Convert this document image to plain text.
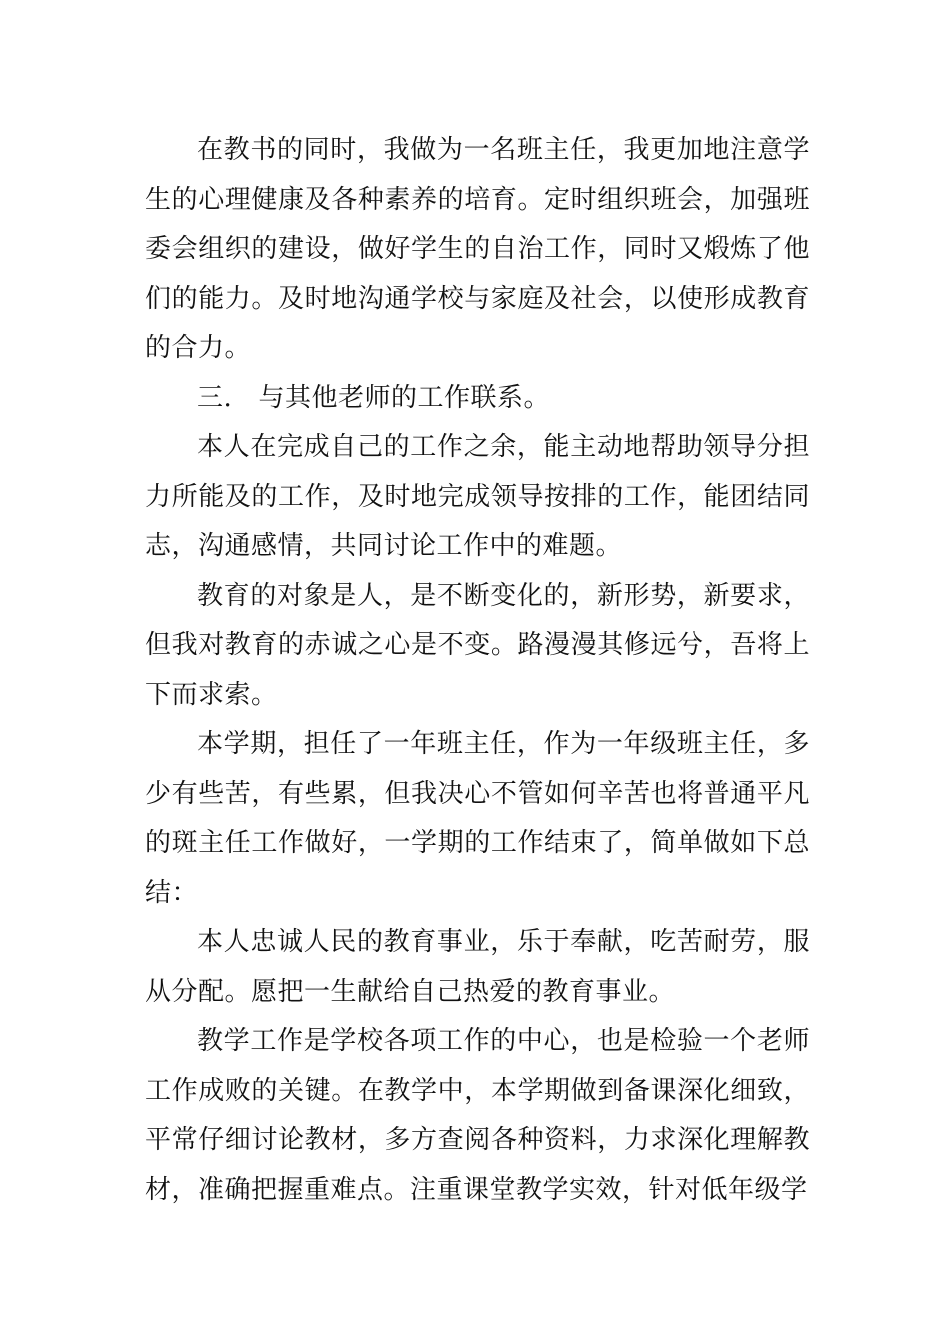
在教书的同时，我做为一名班主任，我更加地注意学生的心理健康及各种素养的培育。定时组织班会，加强班委会组织的建设，做好学生的自治工作，同时又煅炼了他们的能力。及时地沟通学校与家庭及社会，以使形成教育的合力。

三.   与其他老师的工作联系。

本人在完成自己的工作之余，能主动地帮助领导分担力所能及的工作，及时地完成领导按排的工作，能团结同志，沟通感情，共同讨论工作中的难题。

教育的对象是人，是不断变化的，新形势，新要求，但我对教育的赤诚之心是不变。路漫漫其修远兮，吾将上下而求索。

本学期，担任了一年班主任，作为一年级班主任，多少有些苦，有些累，但我决心不管如何辛苦也将普通平凡的斑主任工作做好，一学期的工作结束了，简单做如下总结：

本人忠诚人民的教育事业，乐于奉献，吃苦耐劳，服从分配。愿把一生献给自己热爱的教育事业。

教学工作是学校各项工作的中心，也是检验一个老师工作成败的关键。在教学中，本学期做到备课深化细致，平常仔细讨论教材，多方查阅各种资料，力求深化理解教材，准确把握重难点。注重课堂教学实效，针对低年级学
